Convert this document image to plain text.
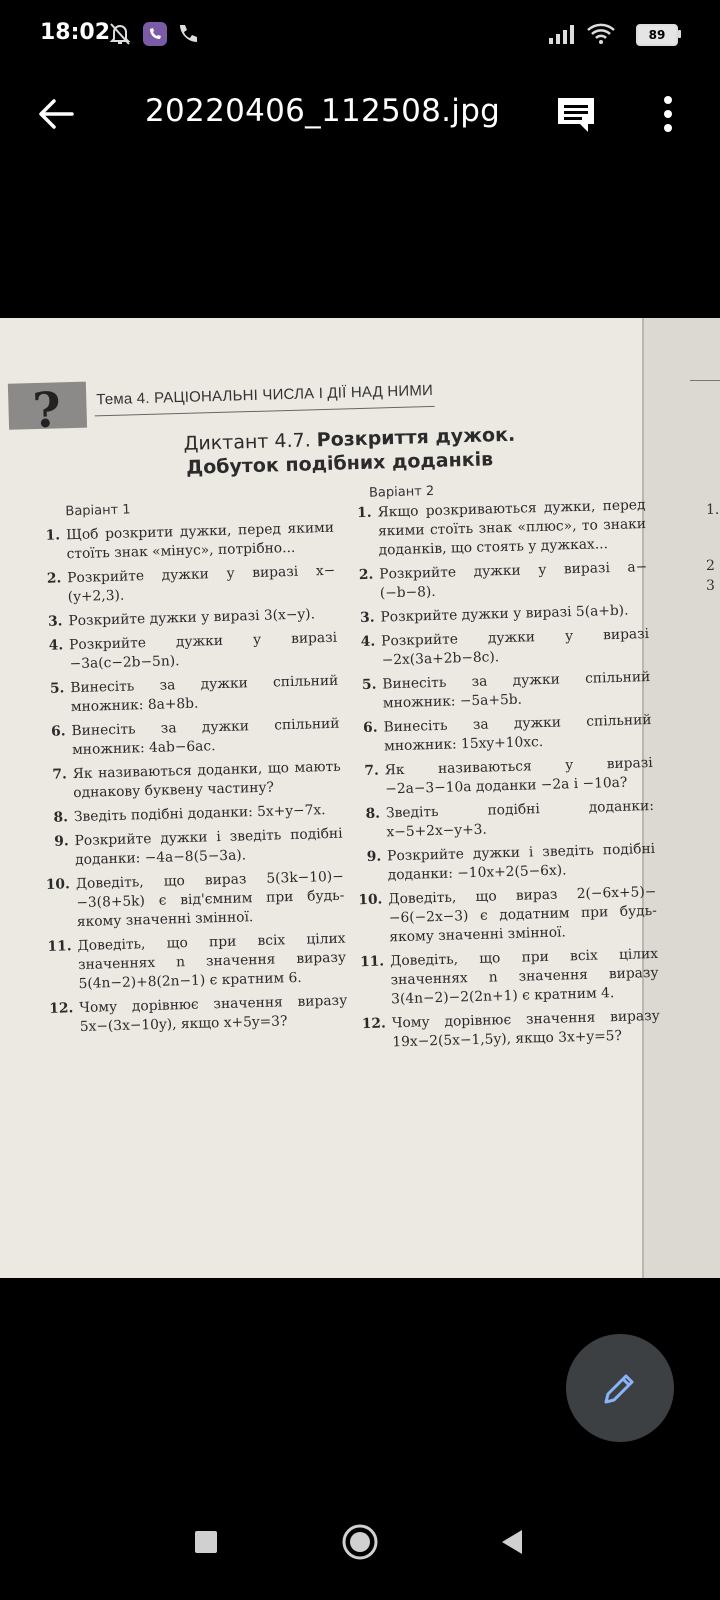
18:02	89
20220406_112508.jpg
1.
2
3
? Тема 4. РАЦІОНАЛЬНІ ЧИСЛА І ДІЇ НАД НИМИ
Диктант 4.7. Розкриття дужок.
Добуток подібних доданків
Варіант 1
Варіант 2
1. Щоб розкрити дужки, перед якими стоїть знак «мінус», потрібно...
2. Розкрийте дужки у виразі x−(y+2,3).
3. Розкрийте дужки у виразі 3(x−y).
4. Розкрийте дужки у виразі −3a(c−2b−5n).
5. Винесіть за дужки спільний множник: 8a+8b.
6. Винесіть за дужки спільний множник: 4ab−6ac.
7. Як називаються доданки, що мають однакову буквену частину?
8. Зведіть подібні доданки: 5x+y−7x.
9. Розкрийте дужки і зведіть подібні доданки: −4a−8(5−3a).
10. Доведіть, що вираз 5(3k−10)−−3(8+5k) є від'ємним при будь-якому значенні змінної.
11. Доведіть, що при всіх цілих значеннях n значення виразу 5(4n−2)+8(2n−1) є кратним 6.
12. Чому дорівнює значення виразу 5x−(3x−10y), якщо x+5y=3?
1. Якщо розкриваються дужки, перед якими стоїть знак «плюс», то знаки доданків, що стоять у дужках...
2. Розкрийте дужки у виразі a−(−b−8).
3. Розкрийте дужки у виразі 5(a+b).
4. Розкрийте дужки у виразі −2x(3a+2b−8c).
5. Винесіть за дужки спільний множник: −5a+5b.
6. Винесіть за дужки спільний множник: 15xy+10xc.
7. Як називаються у виразі −2a−3−10a доданки −2a і −10a?
8. Зведіть подібні доданки: x−5+2x−y+3.
9. Розкрийте дужки і зведіть подібні доданки: −10x+2(5−6x).
10. Доведіть, що вираз 2(−6x+5)−−6(−2x−3) є додатним при будь-якому значенні змінної.
11. Доведіть, що при всіх цілих значеннях n значення виразу 3(4n−2)−2(2n+1) є кратним 4.
12. Чому дорівнює значення виразу 19x−2(5x−1,5y), якщо 3x+y=5?
